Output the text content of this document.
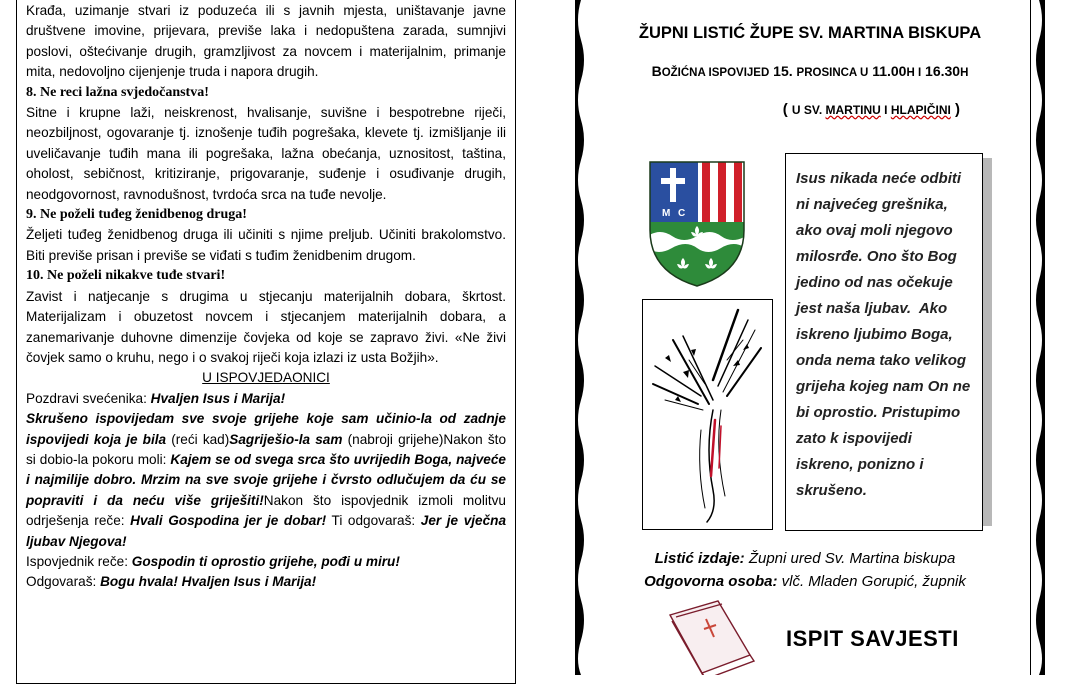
Krađa, uzimanje stvari iz poduzeća ili s javnih mjesta, uništavanje javne društvene imovine, prijevara, previše laka i nedopuštena zarada, sumnjivi poslovi, oštećivanje drugih, gramzljivost za novcem i materijalnim, primanje mita, nedovoljno cijenjenje truda i napora drugih.

8. Ne reci lažna svjedočanstva!

Sitne i krupne laži, neiskrenost, hvalisanje, suvišne i bespotrebne riječi, neozbiljnost, ogovaranje tj. iznošenje tuđih pogrešaka, klevete tj. izmišljanje ili uveličavanje tuđih mana ili pogrešaka, lažna obećanja, uznositost, taština, oholost, sebičnost, kritiziranje, prigovaranje, suđenje i osuđivanje drugih, neodgovornost, ravnodušnost, tvrdoća srca na tuđe nevolje.

9. Ne poželi tuđeg ženidbenog druga!

Željeti tuđeg ženidbenog druga ili učiniti s njime preljub. Učiniti brakolomstvo. Biti previše prisan i previše se viđati s tuđim ženidbenim drugom.

10. Ne poželi nikakve tuđe stvari!

Zavist i natjecanje s drugima u stjecanju materijalnih dobara, škrtost. Materijalizam i obuzetost novcem i stjecanjem materijalnih dobara, a zanemarivanje duhovne dimenzije čovjeka od koje se zapravo živi. «Ne živi čovjek samo o kruhu, nego i o svakoj riječi koja izlazi iz usta Božjih».

U ISPOVJEDAONICI

Pozdravi svećenika: Hvaljen Isus i Marija!

Skrušeno ispovijedam sve svoje grijehe koje sam učinio-la od zadnje ispovijedi koja je bila (reći kad)Sagriješio-la sam (nabroji grijehe)Nakon što si dobio-la pokoru moli: Kajem se od svega srca što uvrijedih Boga, najveće i najmilije dobro. Mrzim na sve svoje grijehe i čvrsto odlučujem da ću se popraviti i da neću više griješiti!Nakon što ispovjednik izmoli molitvu odrješenja reče: Hvali Gospodina jer je dobar! Ti odgovaraš: Jer je vječna ljubav Njegova!

Ispovjednik reče: Gospodin ti oprostio grijehe, pođi u miru!

Odgovaraš: Bogu hvala! Hvaljen Isus i Marija!

ŽUPNI LISTIĆ ŽUPE SV. MARTINA BISKUPA
BOŽIĆNA ISPOVIJED 15. PROSINCA U 11.00H I 16.30H
( U SV. MARTINU I HLAPIČINI )
M C
Isus nikada neće odbiti ni najvećeg grešnika, ako ovaj moli njegovo milosrđe. Ono što Bog jedino od nas očekuje jest naša ljubav.  Ako iskreno ljubimo Boga, onda nema tako velikog grijeha kojeg nam On ne bi oprostio. Pristupimo zato k ispovijedi iskreno, ponizno i skrušeno.
Listić izdaje: Župni ured Sv. Martina biskupa
Odgovorna osoba: vlč. Mladen Gorupić, župnik
ISPIT SAVJESTI
